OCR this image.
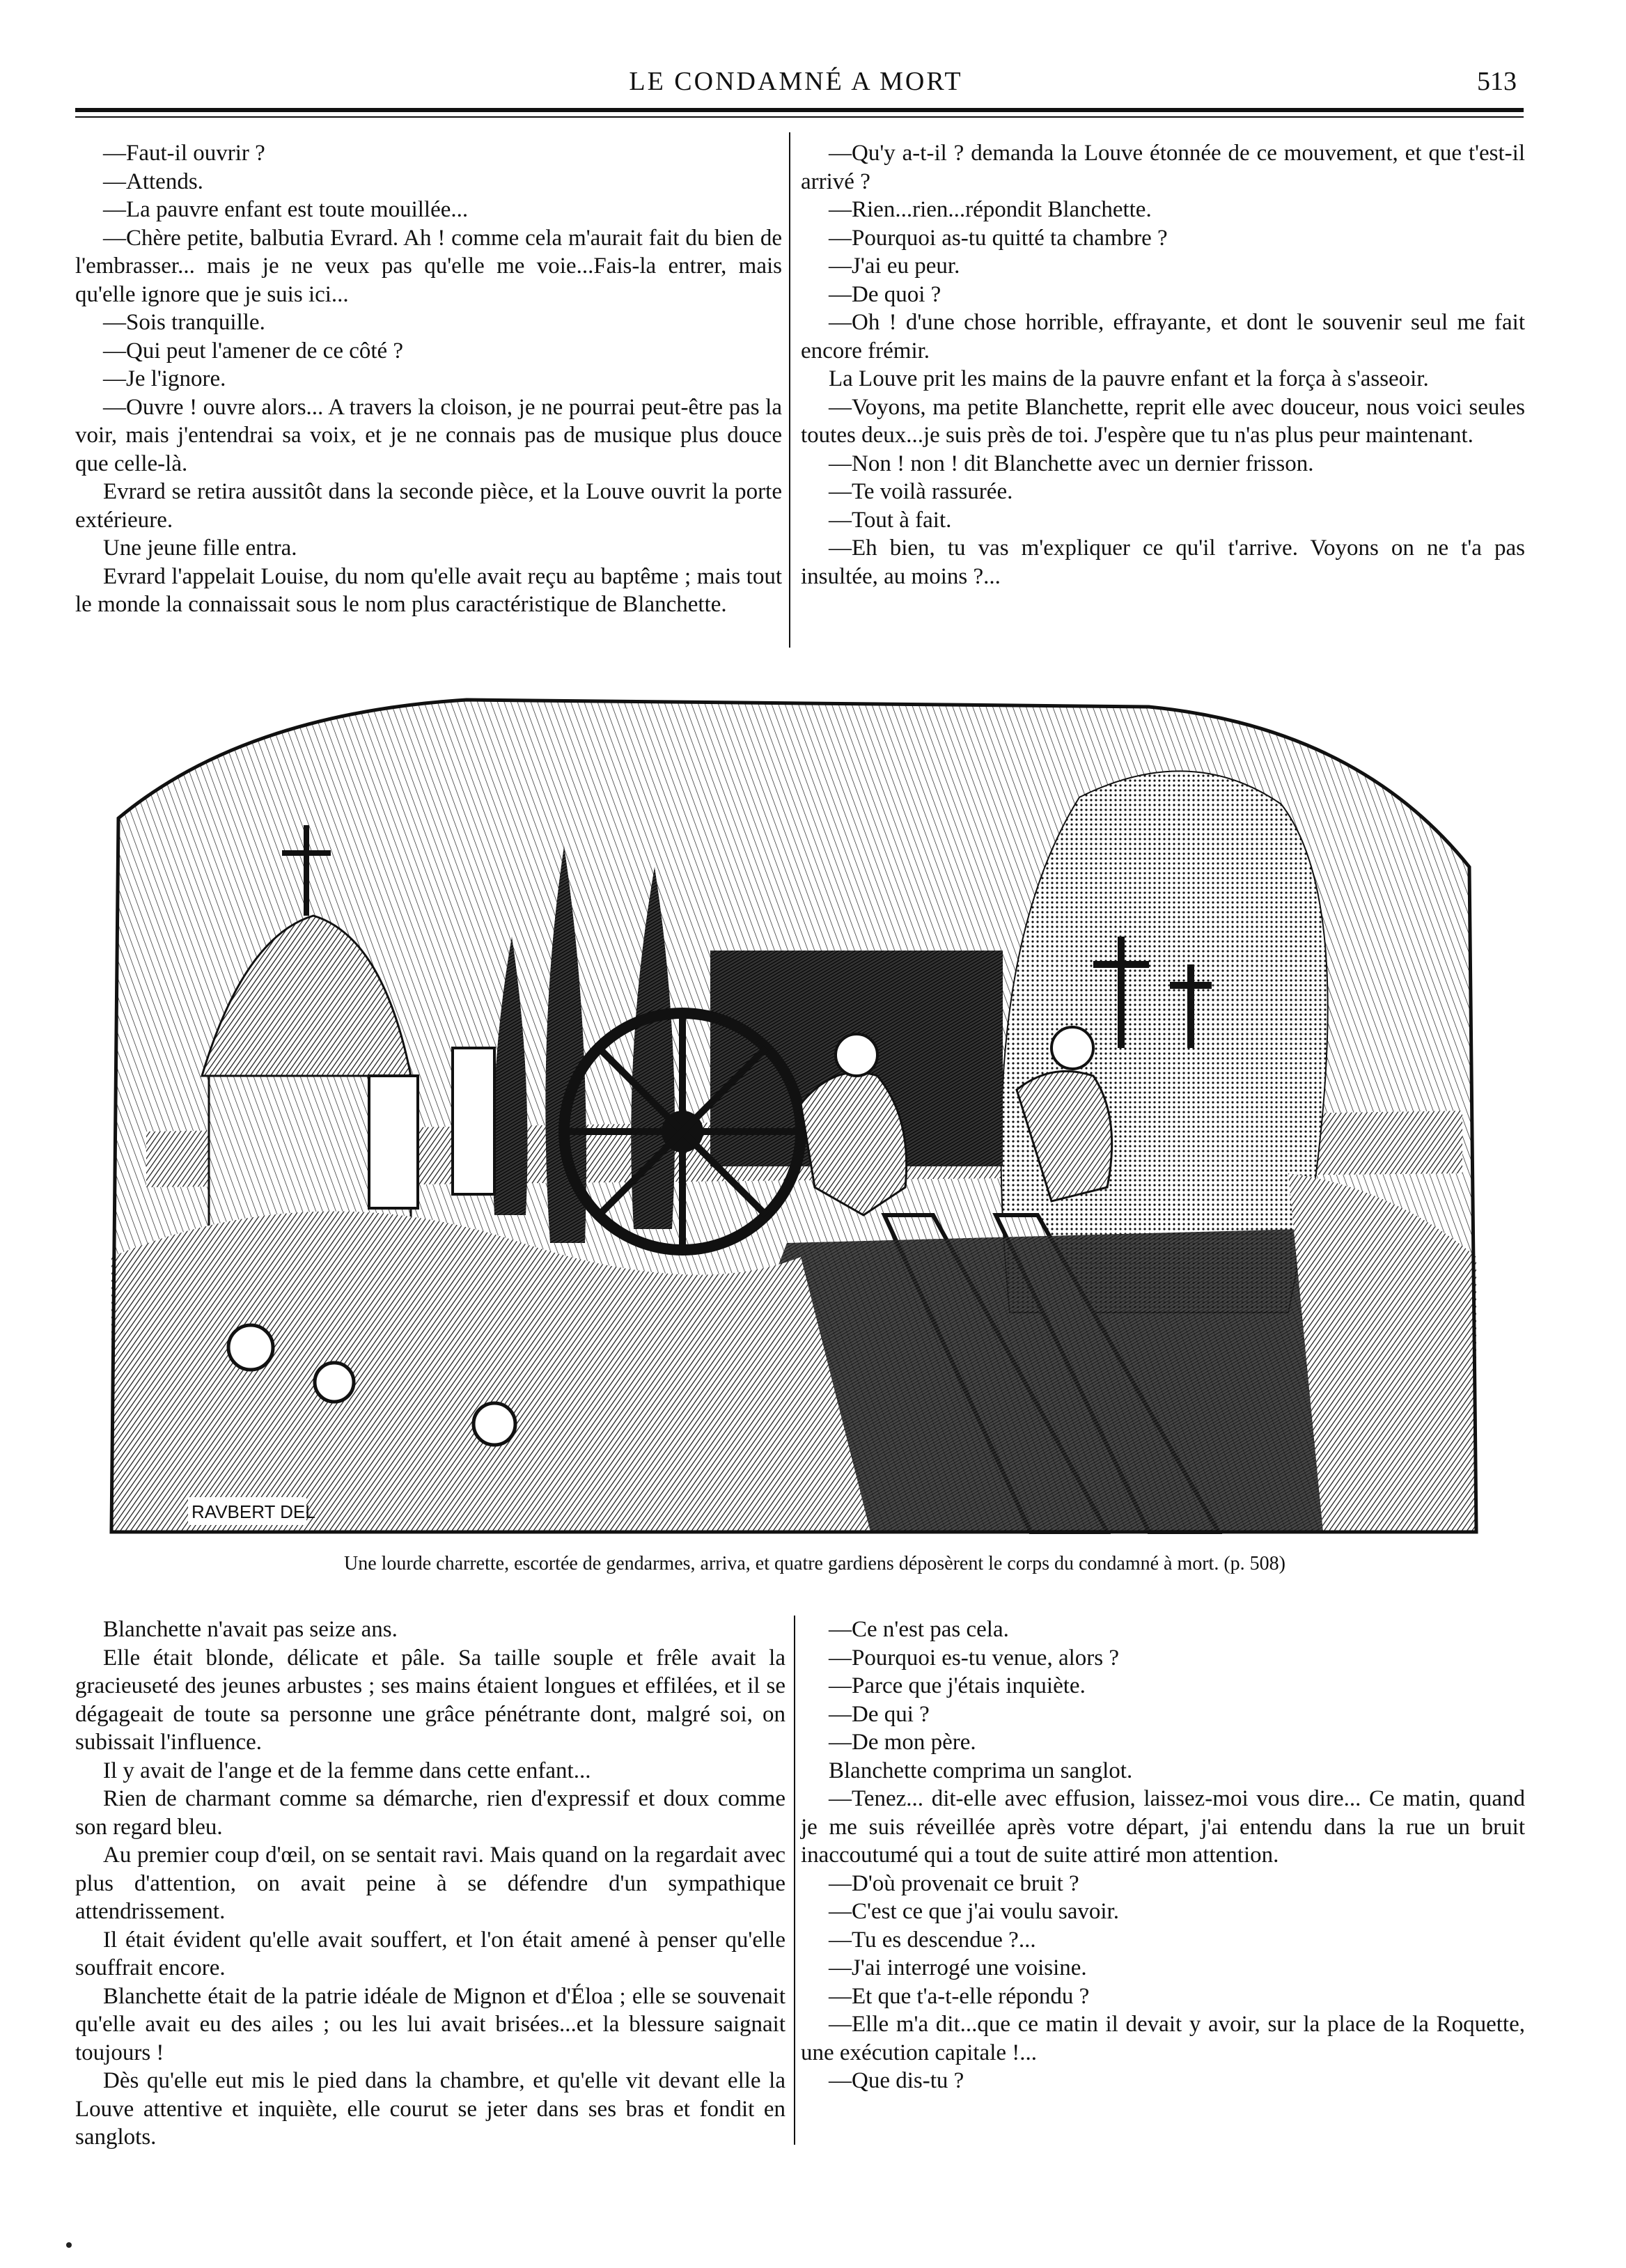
LE CONDAMNÉ A MORT	513

—Faut-il ouvrir ?

—Attends.

—La pauvre enfant est toute mouillée...

—Chère petite, balbutia Evrard. Ah ! comme cela m'aurait fait du bien de l'embrasser... mais je ne veux pas qu'elle me voie...Fais-la entrer, mais qu'elle ignore que je suis ici...

—Sois tranquille.

—Qui peut l'amener de ce côté ?

—Je l'ignore.

—Ouvre ! ouvre alors... A travers la cloison, je ne pourrai peut-être pas la voir, mais j'entendrai sa voix, et je ne connais pas de musique plus douce que celle-là.

Evrard se retira aussitôt dans la seconde pièce, et la Louve ouvrit la porte extérieure.

Une jeune fille entra.

Evrard l'appelait Louise, du nom qu'elle avait reçu au baptême ; mais tout le monde la connaissait sous le nom plus caractéristique de Blanchette.

—Qu'y a-t-il ? demanda la Louve étonnée de ce mouvement, et que t'est-il arrivé ?

—Rien...rien...répondit Blanchette.

—Pourquoi as-tu quitté ta chambre ?

—J'ai eu peur.

—De quoi ?

—Oh ! d'une chose horrible, effrayante, et dont le souvenir seul me fait encore frémir.

La Louve prit les mains de la pauvre enfant et la força à s'asseoir.

—Voyons, ma petite Blanchette, reprit elle avec douceur, nous voici seules toutes deux...je suis près de toi. J'espère que tu n'as plus peur maintenant.

—Non ! non ! dit Blanchette avec un dernier frisson.

—Te voilà rassurée.

—Tout à fait.

—Eh bien, tu vas m'expliquer ce qu'il t'arrive. Voyons on ne t'a pas insultée, au moins ?...

RAVBERT DEL
Une lourde charrette, escortée de gendarmes, arriva, et quatre gardiens déposèrent le corps du condamné à mort. (p. 508)

Blanchette n'avait pas seize ans.

Elle était blonde, délicate et pâle. Sa taille souple et frêle avait la gracieuseté des jeunes arbustes ; ses mains étaient longues et effilées, et il se dégageait de toute sa personne une grâce pénétrante dont, malgré soi, on subissait l'influence.

Il y avait de l'ange et de la femme dans cette enfant...

Rien de charmant comme sa démarche, rien d'expressif et doux comme son regard bleu.

Au premier coup d'œil, on se sentait ravi. Mais quand on la regardait avec plus d'attention, on avait peine à se défendre d'un sympathique attendrissement.

Il était évident qu'elle avait souffert, et l'on était amené à penser qu'elle souffrait encore.

Blanchette était de la patrie idéale de Mignon et d'Éloa ; elle se souvenait qu'elle avait eu des ailes ; ou les lui avait brisées...et la blessure saignait toujours !

Dès qu'elle eut mis le pied dans la chambre, et qu'elle vit devant elle la Louve attentive et inquiète, elle courut se jeter dans ses bras et fondit en sanglots.

—Ce n'est pas cela.

—Pourquoi es-tu venue, alors ?

—Parce que j'étais inquiète.

—De qui ?

—De mon père.

Blanchette comprima un sanglot.

—Tenez... dit-elle avec effusion, laissez-moi vous dire... Ce matin, quand je me suis réveillée après votre départ, j'ai entendu dans la rue un bruit inaccoutumé qui a tout de suite attiré mon attention.

—D'où provenait ce bruit ?

—C'est ce que j'ai voulu savoir.

—Tu es descendue ?...

—J'ai interrogé une voisine.

—Et que t'a-t-elle répondu ?

—Elle m'a dit...que ce matin il devait y avoir, sur la place de la Roquette, une exécution capitale !...

—Que dis-tu ?
